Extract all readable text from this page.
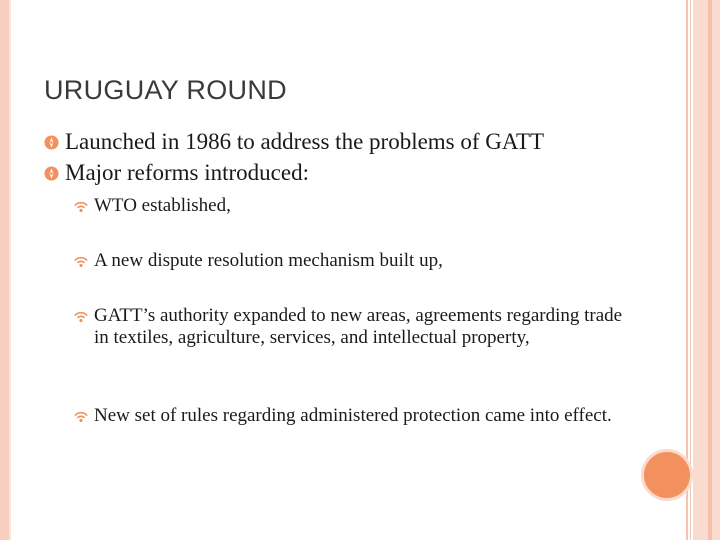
URUGUAY ROUND
Launched in 1986 to address the problems of GATT
Major reforms introduced:
WTO established,
A new dispute resolution mechanism built up,
GATT’s authority expanded to new areas, agreements regarding trade in textiles, agriculture, services, and intellectual property,
New set of rules regarding administered protection came into effect.
